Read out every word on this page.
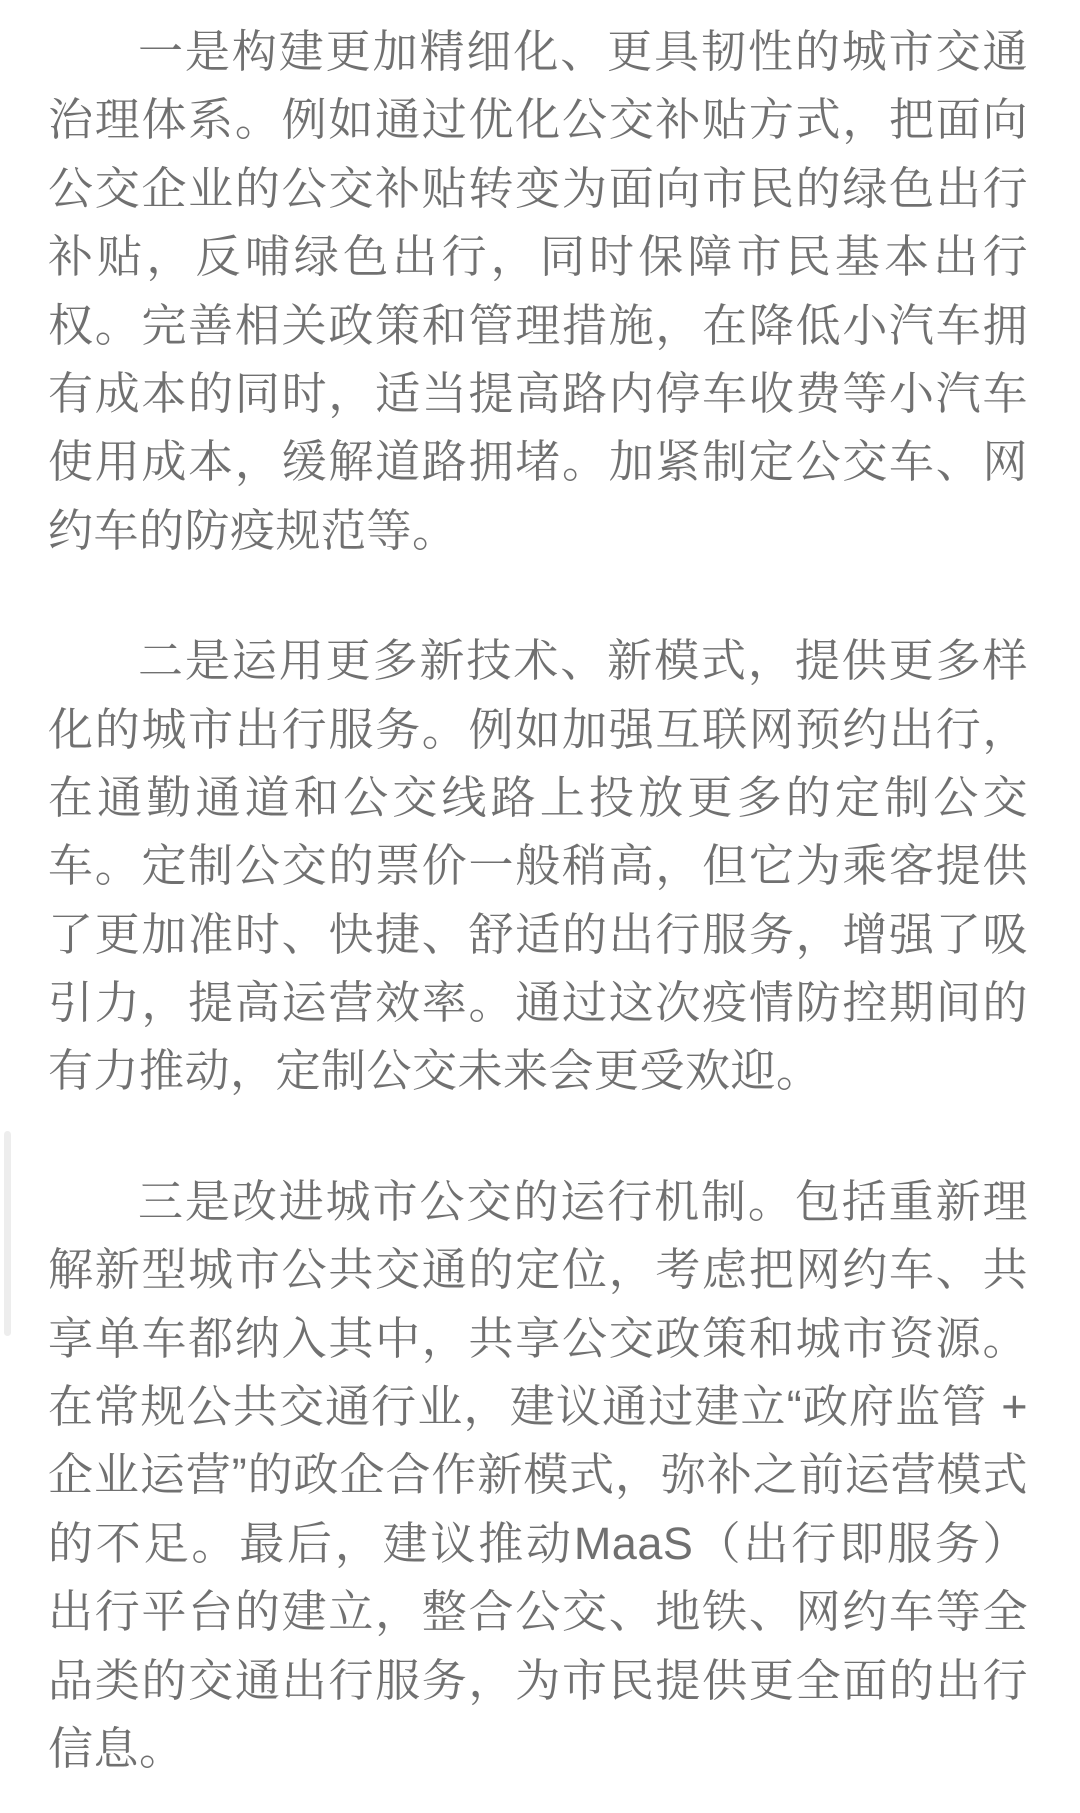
一是构建更加精细化、更具韧性的城市交通治理体系。例如通过优化公交补贴方式，把面向公交企业的公交补贴转变为面向市民的绿色出行补贴，反哺绿色出行，同时保障市民基本出行权。完善相关政策和管理措施，在降低小汽车拥有成本的同时，适当提高路内停车收费等小汽车使用成本，缓解道路拥堵。加紧制定公交车、网约车的防疫规范等。

二是运用更多新技术、新模式，提供更多样化的城市出行服务。例如加强互联网预约出行，在通勤通道和公交线路上投放更多的定制公交车。定制公交的票价一般稍高，但它为乘客提供了更加准时、快捷、舒适的出行服务，增强了吸引力，提高运营效率。通过这次疫情防控期间的有力推动，定制公交未来会更受欢迎。

三是改进城市公交的运行机制。包括重新理解新型城市公共交通的定位，考虑把网约车、共享单车都纳入其中，共享公交政策和城市资源。在常规公共交通行业，建议通过建立“政府监管 + 企业运营”的政企合作新模式，弥补之前运营模式的不足。最后，建议推动MaaS（出行即服务）出行平台的建立，整合公交、地铁、网约车等全品类的交通出行服务，为市民提供更全面的出行信息。
